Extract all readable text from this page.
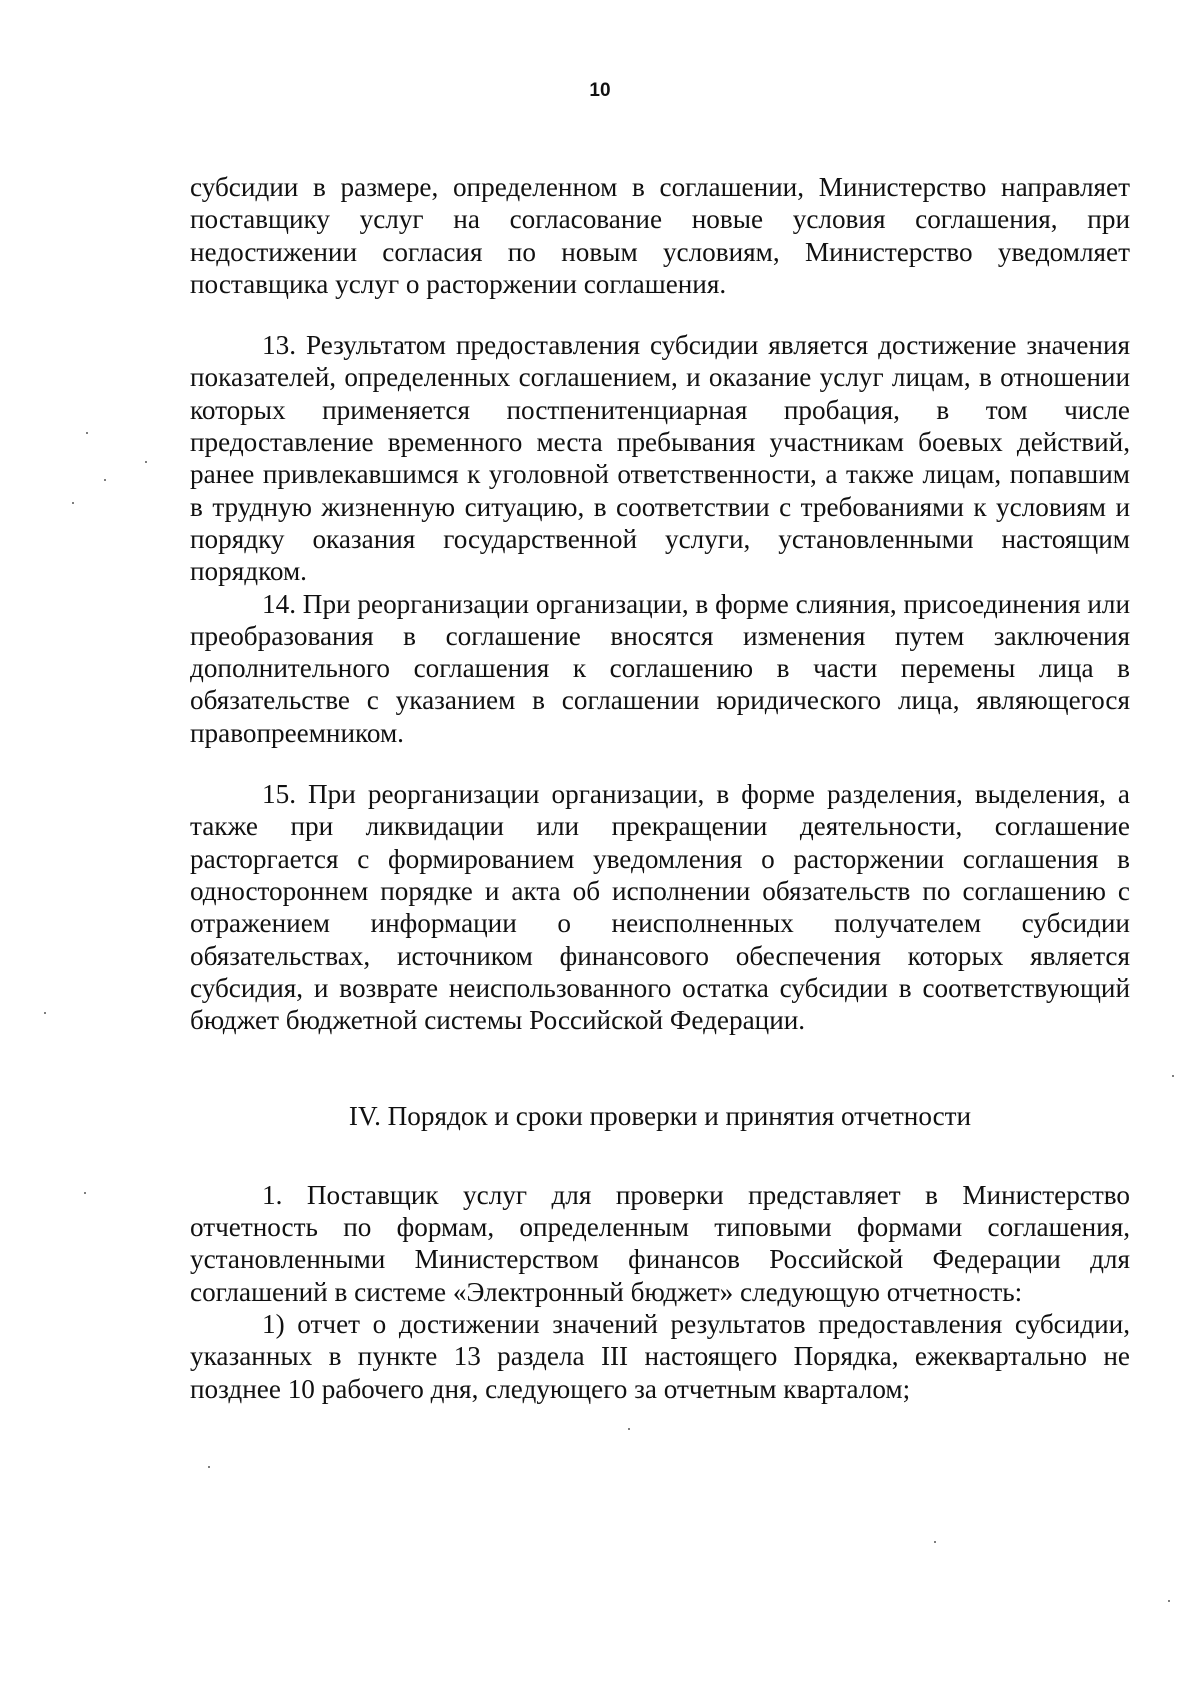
10

субсидии в размере, определенном в соглашении, Министерство направляет поставщику услуг на согласование новые условия соглашения, при недостижении согласия по новым условиям, Министерство уведомляет поставщика услуг о расторжении соглашения.

13. Результатом предоставления субсидии является достижение значения показателей, определенных соглашением, и оказание услуг лицам, в отношении которых применяется постпенитенциарная пробация, в том числе предоставление временного места пребывания участникам боевых действий, ранее привлекавшимся к уголовной ответственности, а также лицам, попавшим в трудную жизненную ситуацию, в соответствии с требованиями к условиям и порядку оказания государственной услуги, установленными настоящим порядком.

14. При реорганизации организации, в форме слияния, присоединения или преобразования в соглашение вносятся изменения путем заключения дополнительного соглашения к соглашению в части перемены лица в обязательстве с указанием в соглашении юридического лица, являющегося правопреемником.

15. При реорганизации организации, в форме разделения, выделения, а также при ликвидации или прекращении деятельности, соглашение расторгается с формированием уведомления о расторжении соглашения в одностороннем порядке и акта об исполнении обязательств по соглашению с отражением информации о неисполненных получателем субсидии обязательствах, источником финансового обеспечения которых является субсидия, и возврате неиспользованного остатка субсидии в соответствующий бюджет бюджетной системы Российской Федерации.

IV. Порядок и сроки проверки и принятия отчетности

1. Поставщик услуг для проверки представляет в Министерство отчетность по формам, определенным типовыми формами соглашения, установленными Министерством финансов Российской Федерации для соглашений в системе «Электронный бюджет» следующую отчетность:

1) отчет о достижении значений результатов предоставления субсидии, указанных в пункте 13 раздела III настоящего Порядка, ежеквартально не позднее 10 рабочего дня, следующего за отчетным кварталом;
